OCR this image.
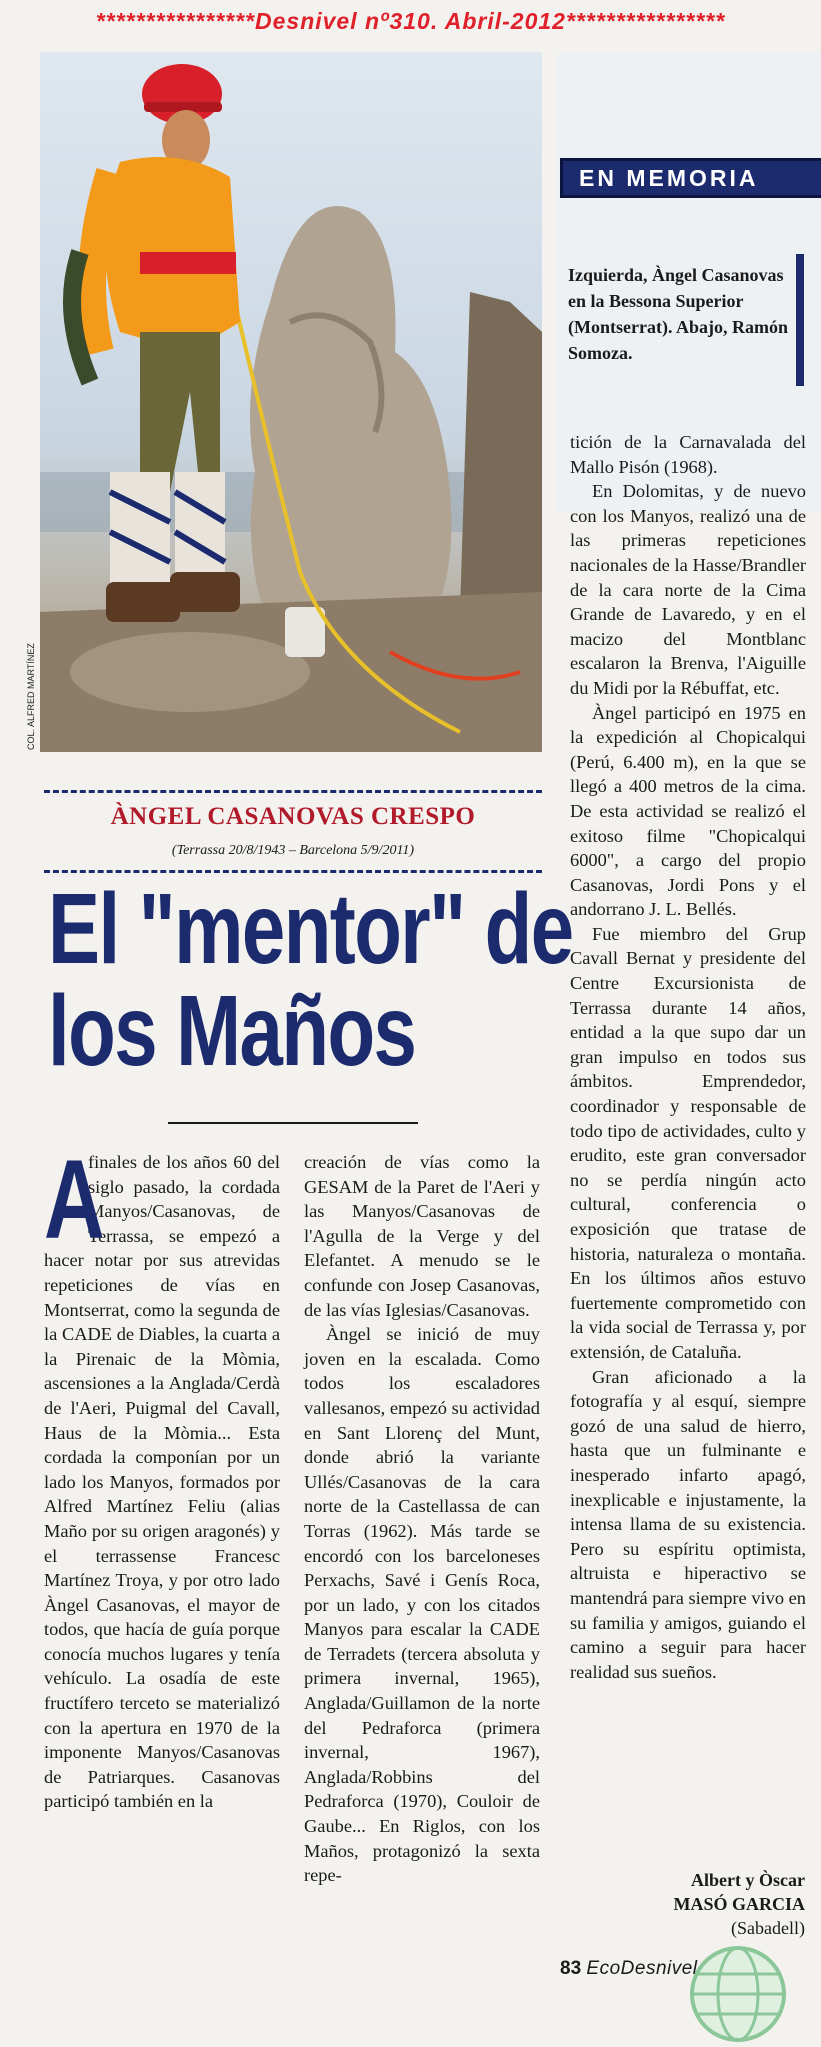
****************Desnivel nº310. Abril-2012****************
COL. ALFRED MARTÍNEZ
EN MEMORIA
Izquierda, Àngel Casanovas en la Bessona Superior (Montserrat). Abajo, Ramón Somoza.
ÀNGEL CASANOVAS CRESPO
(Terrassa 20/8/1943 – Barcelona 5/9/2011)
El "mentor" de
los Maños
A

finales de los años 60 del siglo pasado, la cordada Manyos/Casanovas, de Terrassa, se empezó a hacer notar por sus atrevidas repeticiones de vías en Montserrat, como la segunda de la CADE de Diables, la cuarta a la Pirenaic de la Mòmia, ascensiones a la Anglada/Cerdà de l'Aeri, Puigmal del Cavall, Haus de la Mòmia... Esta cordada la componían por un lado los Manyos, formados por Alfred Martínez Feliu (alias Maño por su origen aragonés) y el terrassense Francesc Martínez Troya, y por otro lado Àngel Casanovas, el mayor de todos, que hacía de guía porque conocía muchos lugares y tenía vehículo. La osadía de este fructífero terceto se materializó con la apertura en 1970 de la imponente Manyos/Casanovas de Patriarques. Casanovas participó también en la

creación de vías como la GESAM de la Paret de l'Aeri y las Manyos/Casanovas de l'Agulla de la Verge y del Elefantet. A menudo se le confunde con Josep Casanovas, de las vías Iglesias/Casanovas.

Àngel se inició de muy joven en la escalada. Como todos los escaladores vallesanos, empezó su actividad en Sant Llorenç del Munt, donde abrió la variante Ullés/Casanovas de la cara norte de la Castellassa de can Torras (1962). Más tarde se encordó con los barceloneses Perxachs, Savé i Genís Roca, por un lado, y con los citados Manyos para escalar la CADE de Terradets (tercera absoluta y primera invernal, 1965), Anglada/Guillamon de la norte del Pedraforca (primera invernal, 1967), Anglada/Robbins del Pedraforca (1970), Couloir de Gaube... En Riglos, con los Maños, protagonizó la sexta repe-

tición de la Carnavalada del Mallo Pisón (1968).

En Dolomitas, y de nuevo con los Manyos, realizó una de las primeras repeticiones nacionales de la Hasse/Brandler de la cara norte de la Cima Grande de Lavaredo, y en el macizo del Montblanc escalaron la Brenva, l'Aiguille du Midi por la Rébuffat, etc.

Àngel participó en 1975 en la expedición al Chopicalqui (Perú, 6.400 m), en la que se llegó a 400 metros de la cima. De esta actividad se realizó el exitoso filme "Chopicalqui 6000", a cargo del propio Casanovas, Jordi Pons y el andorrano J. L. Bellés.

Fue miembro del Grup Cavall Bernat y presidente del Centre Excursionista de Terrassa durante 14 años, entidad a la que supo dar un gran impulso en todos sus ámbitos. Emprendedor, coordinador y responsable de todo tipo de actividades, culto y erudito, este gran conversador no se perdía ningún acto cultural, conferencia o exposición que tratase de historia, naturaleza o montaña. En los últimos años estuvo fuertemente comprometido con la vida social de Terrassa y, por extensión, de Cataluña.

Gran aficionado a la fotografía y al esquí, siempre gozó de una salud de hierro, hasta que un fulminante e inesperado infarto apagó, inexplicable e injustamente, la intensa llama de su existencia. Pero su espíritu optimista, altruista e hiperactivo se mantendrá para siempre vivo en su familia y amigos, guiando el camino a seguir para hacer realidad sus sueños.

Albert y Òscar
MASÓ GARCIA
(Sabadell)
83 EcoDesnivel
